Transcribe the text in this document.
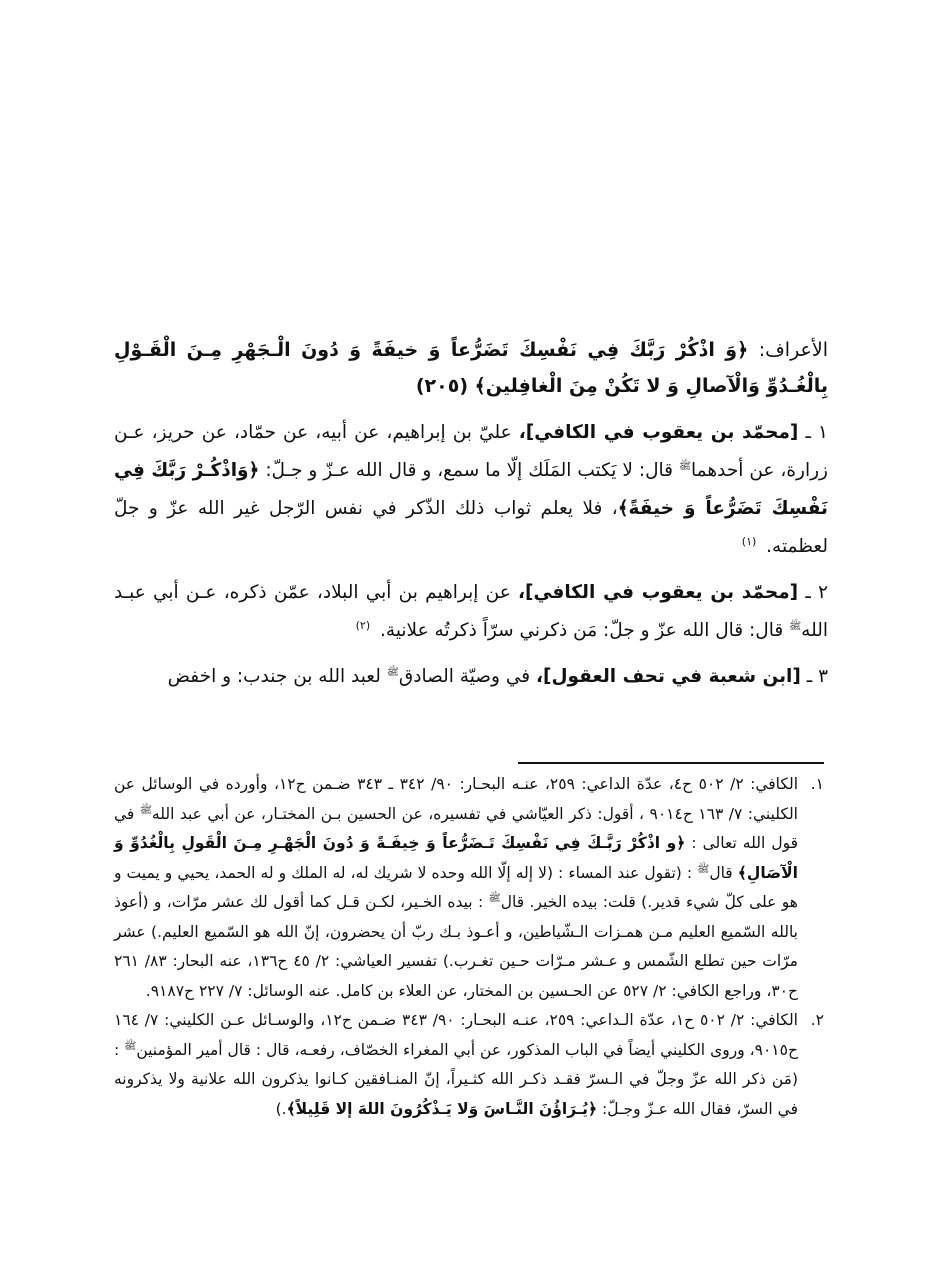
الأعراف: ﴿وَ اذْكُرْ رَبَّكَ فِي نَفْسِكَ تَضَرُّعاً وَ خيفَةً وَ دُونَ الْـجَهْرِ مِـنَ الْقَـوْلِ بِالْغُـدُوِّ وَالْآصالِ وَ لا تَكُنْ مِنَ الْغافِلين﴾ (٢٠٥)

١ ـ [محمّد بن يعقوب في الكافي]، عليّ بن إبراهيم، عن أبيه، عن حمّاد، عن حريز، عـن زرارة، عن أحدهما$^ﷺ$ قال: لا يَكتب المَلَك إلّا ما سمع، و قال الله عـزّ و جـلّ: ﴿وَاذْكُـرْ رَبَّكَ فِي نَفْسِكَ تَضَرُّعاً وَ خيفَةً﴾، فلا يعلم ثواب ذلك الذّكر في نفس الرّجل غير الله عزّ و جلّ لعظمته. $^{(١)}$

٢ ـ [محمّد بن يعقوب في الكافي]، عن إبراهيم بن أبي البلاد، عمّن ذكره، عـن أبي عبـد الله$^ﷺ$ قال: قال الله عزّ و جلّ: مَن ذكرني سرّاً ذكرتُه علانية. $^{(٢)}$

٣ ـ [ابن شعبة في تحف العقول]، في وصيّة الصادق$^ﷺ$ لعبد الله بن جندب: و اخفض

١.
الكافي: ٢/ ٥٠٢ ح٤، عدّة الداعي: ٢٥٩، عنـه البحـار: ٩٠/ ٣٤٢ ـ ٣٤٣ ضـمن ح١٢، وأورده في الوسائل عن الكليني: ٧/ ١٦٣ ح٩٠١٤ ، أقول: ذكر العيّاشي في تفسيره، عن الحسين بـن المختـار، عن أبي عبد الله$^ﷺ$ في قول الله تعالى : ﴿و اذْكُرْ رَبَّـكَ فِي نَفْسِكَ تَـضَرُّعاً وَ خِيفَـةً وَ دُونَ الْجَهْـرِ مِـنَ الْقَولِ بِالْغُدُوِّ وَ الْآصَالِ﴾ قال$^ﷺ$ : (تقول عند المساء : (لا إله إلّا الله وحده لا شريك له، له الملك و له الحمد، يحيي و يميت و هو على كلّ شيء قدير.) قلت: بيده الخير. قال$^ﷺ$ : بيده الخـير، لكـن قـل كما أقول لك عشر مرّات، و (أعوذ بالله السّميع العليم مـن همـزات الـشّياطين، و أعـوذ بـك ربّ أن يحضرون، إنّ الله هو السّميع العليم.) عشر مرّات حين تطلع الشّمس و عـشر مـرّات حـين تغـرب.) تفسير العياشي: ٢/ ٤٥ ح١٣٦، عنه البحار: ٨٣/ ٢٦١ ح٣٠، وراجع الكافي: ٢/ ٥٢٧ عن الحـسين بن المختار، عن العلاء بن كامل. عنه الوسائل: ٧/ ٢٢٧ ح٩١٨٧.

٢.
الكافي: ٢/ ٥٠٢ ح١، عدّة الـداعي: ٢٥٩، عنـه البحـار: ٩٠/ ٣٤٣ ضـمن ح١٢، والوسـائل عـن الكليني: ٧/ ١٦٤ ح٩٠١٥، وروى الكليني أيضاً في الباب المذكور، عن أبي المغراء الخصّاف، رفعـه، قال : قال أمير المؤمنين$^ﷺ$ : (مَن ذكر الله عزّ وجلّ في الـسرّ فقـد ذكـر الله كثـيراً، إنّ المنـافقين كـانوا يذكرون الله علانية ولا يذكرونه في السرّ، فقال الله عـزّ وجـلّ: ﴿يُـرَاؤُنَ النَّـاسَ وَلا يَـذْكُرُونَ اللهَ إلا قَلِيلاً﴾.)
